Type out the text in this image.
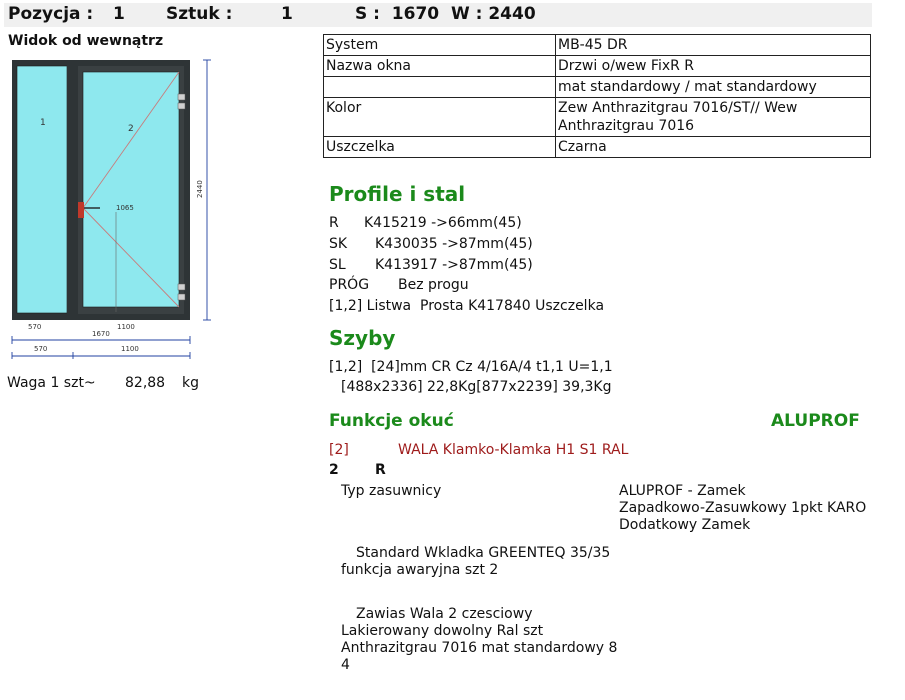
Pozycja : 1 Sztuk :	1	S :  1670  W : 2440
Widok od wewnątrz
1065
1
2
2440
570	1100
1670
570	1100
Waga 1 szt~ 82,88 kg
System	MB-45 DR
Nazwa okna	Drzwi o/wew FixR R
	mat standardowy / mat standardowy
Kolor	Zew Anthrazitgrau 7016/ST// Wew
Anthrazitgrau 7016
Uszczelka	Czarna
Profile i stal
R K415219 ->66mm(45)
SK K430035 ->87mm(45)
SL K413917 ->87mm(45)
PRÓG Bez progu
[1,2] Listwa  Prosta K417840 Uszczelka
Szyby
[1,2]  [24]mm CR Cz 4/16A/4 t1,1 U=1,1
[488x2336] 22,8Kg[877x2239] 39,3Kg
Funkcje okuć	ALUPROF
[2]	WALA Klamko-Klamka H1 S1 RAL
2	R
Typ zasuwnicy	ALUPROF - Zamek
Zapadkowo-Zasuwkowy 1pkt KARO
Dodatkowy Zamek
Standard Wkladka GREENTEQ 35/35
funkcja awaryjna szt 2
Zawias Wala 2 czesciowy
Lakierowany dowolny Ral szt
Anthrazitgrau 7016 mat standardowy 8
4
